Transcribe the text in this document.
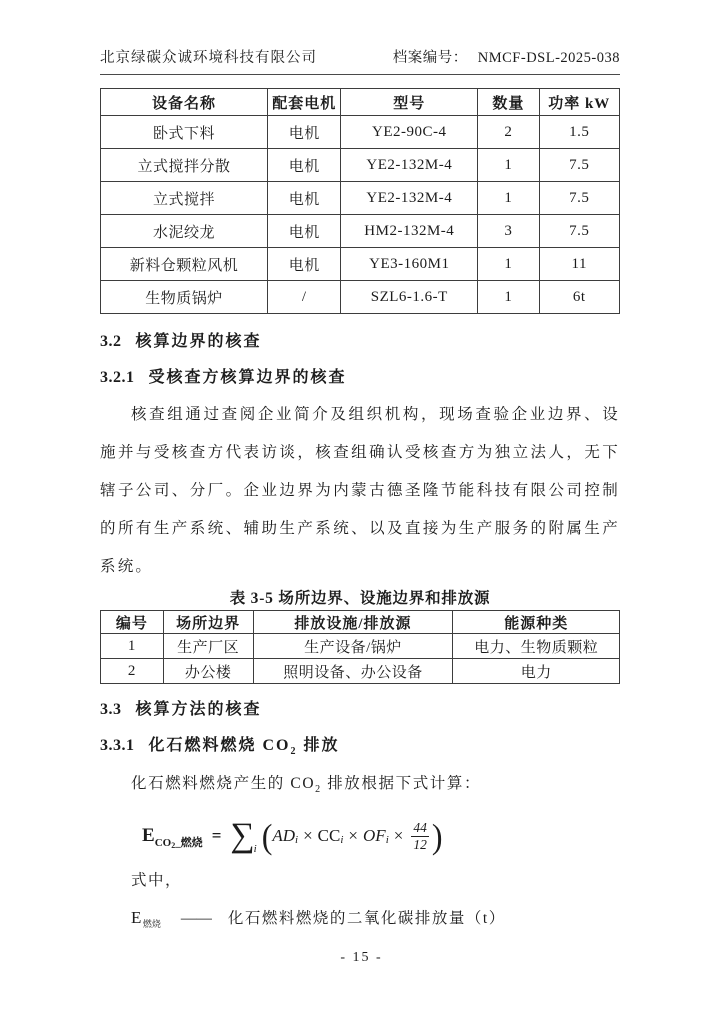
北京绿碳众诚环境科技有限公司	档案编号： NMCF-DSL-2025-038
设备名称	配套电机	型号	数量	功率 kW
卧式下料	电机	YE2-90C-4	2	1.5
立式搅拌分散	电机	YE2-132M-4	1	7.5
立式搅拌	电机	YE2-132M-4	1	7.5
水泥绞龙	电机	HM2-132M-4	3	7.5
新料仓颗粒风机	电机	YE3-160M1	1	11
生物质锅炉	/	SZL6-1.6-T	1	6t
3.2 核算边界的核查
3.2.1 受核查方核算边界的核查

核查组通过查阅企业简介及组织机构，现场查验企业边界、设施并与受核查方代表访谈，核查组确认受核查方为独立法人，无下辖子公司、分厂。企业边界为内蒙古德圣隆节能科技有限公司控制的所有生产系统、辅助生产系统、以及直接为生产服务的附属生产系统。

表 3-5 场所边界、设施边界和排放源
编号	场所边界	排放设施/排放源	能源种类
1	生产厂区	生产设备/锅炉	电力、生物质颗粒
2	办公楼	照明设备、办公设备	电力
3.3 核算方法的核查
3.3.1 化石燃料燃烧 $CO_2$ 排放

化石燃料燃烧产生的 $CO_2$ 排放根据下式计算：

E CO2_燃烧 = ∑ i ( AD i × CC i × OF $i \times \frac{44}{12}$ )

式中，

$E_{燃烧}$ —— 化石燃料燃烧的二氧化碳排放量（t）

- 15 -
